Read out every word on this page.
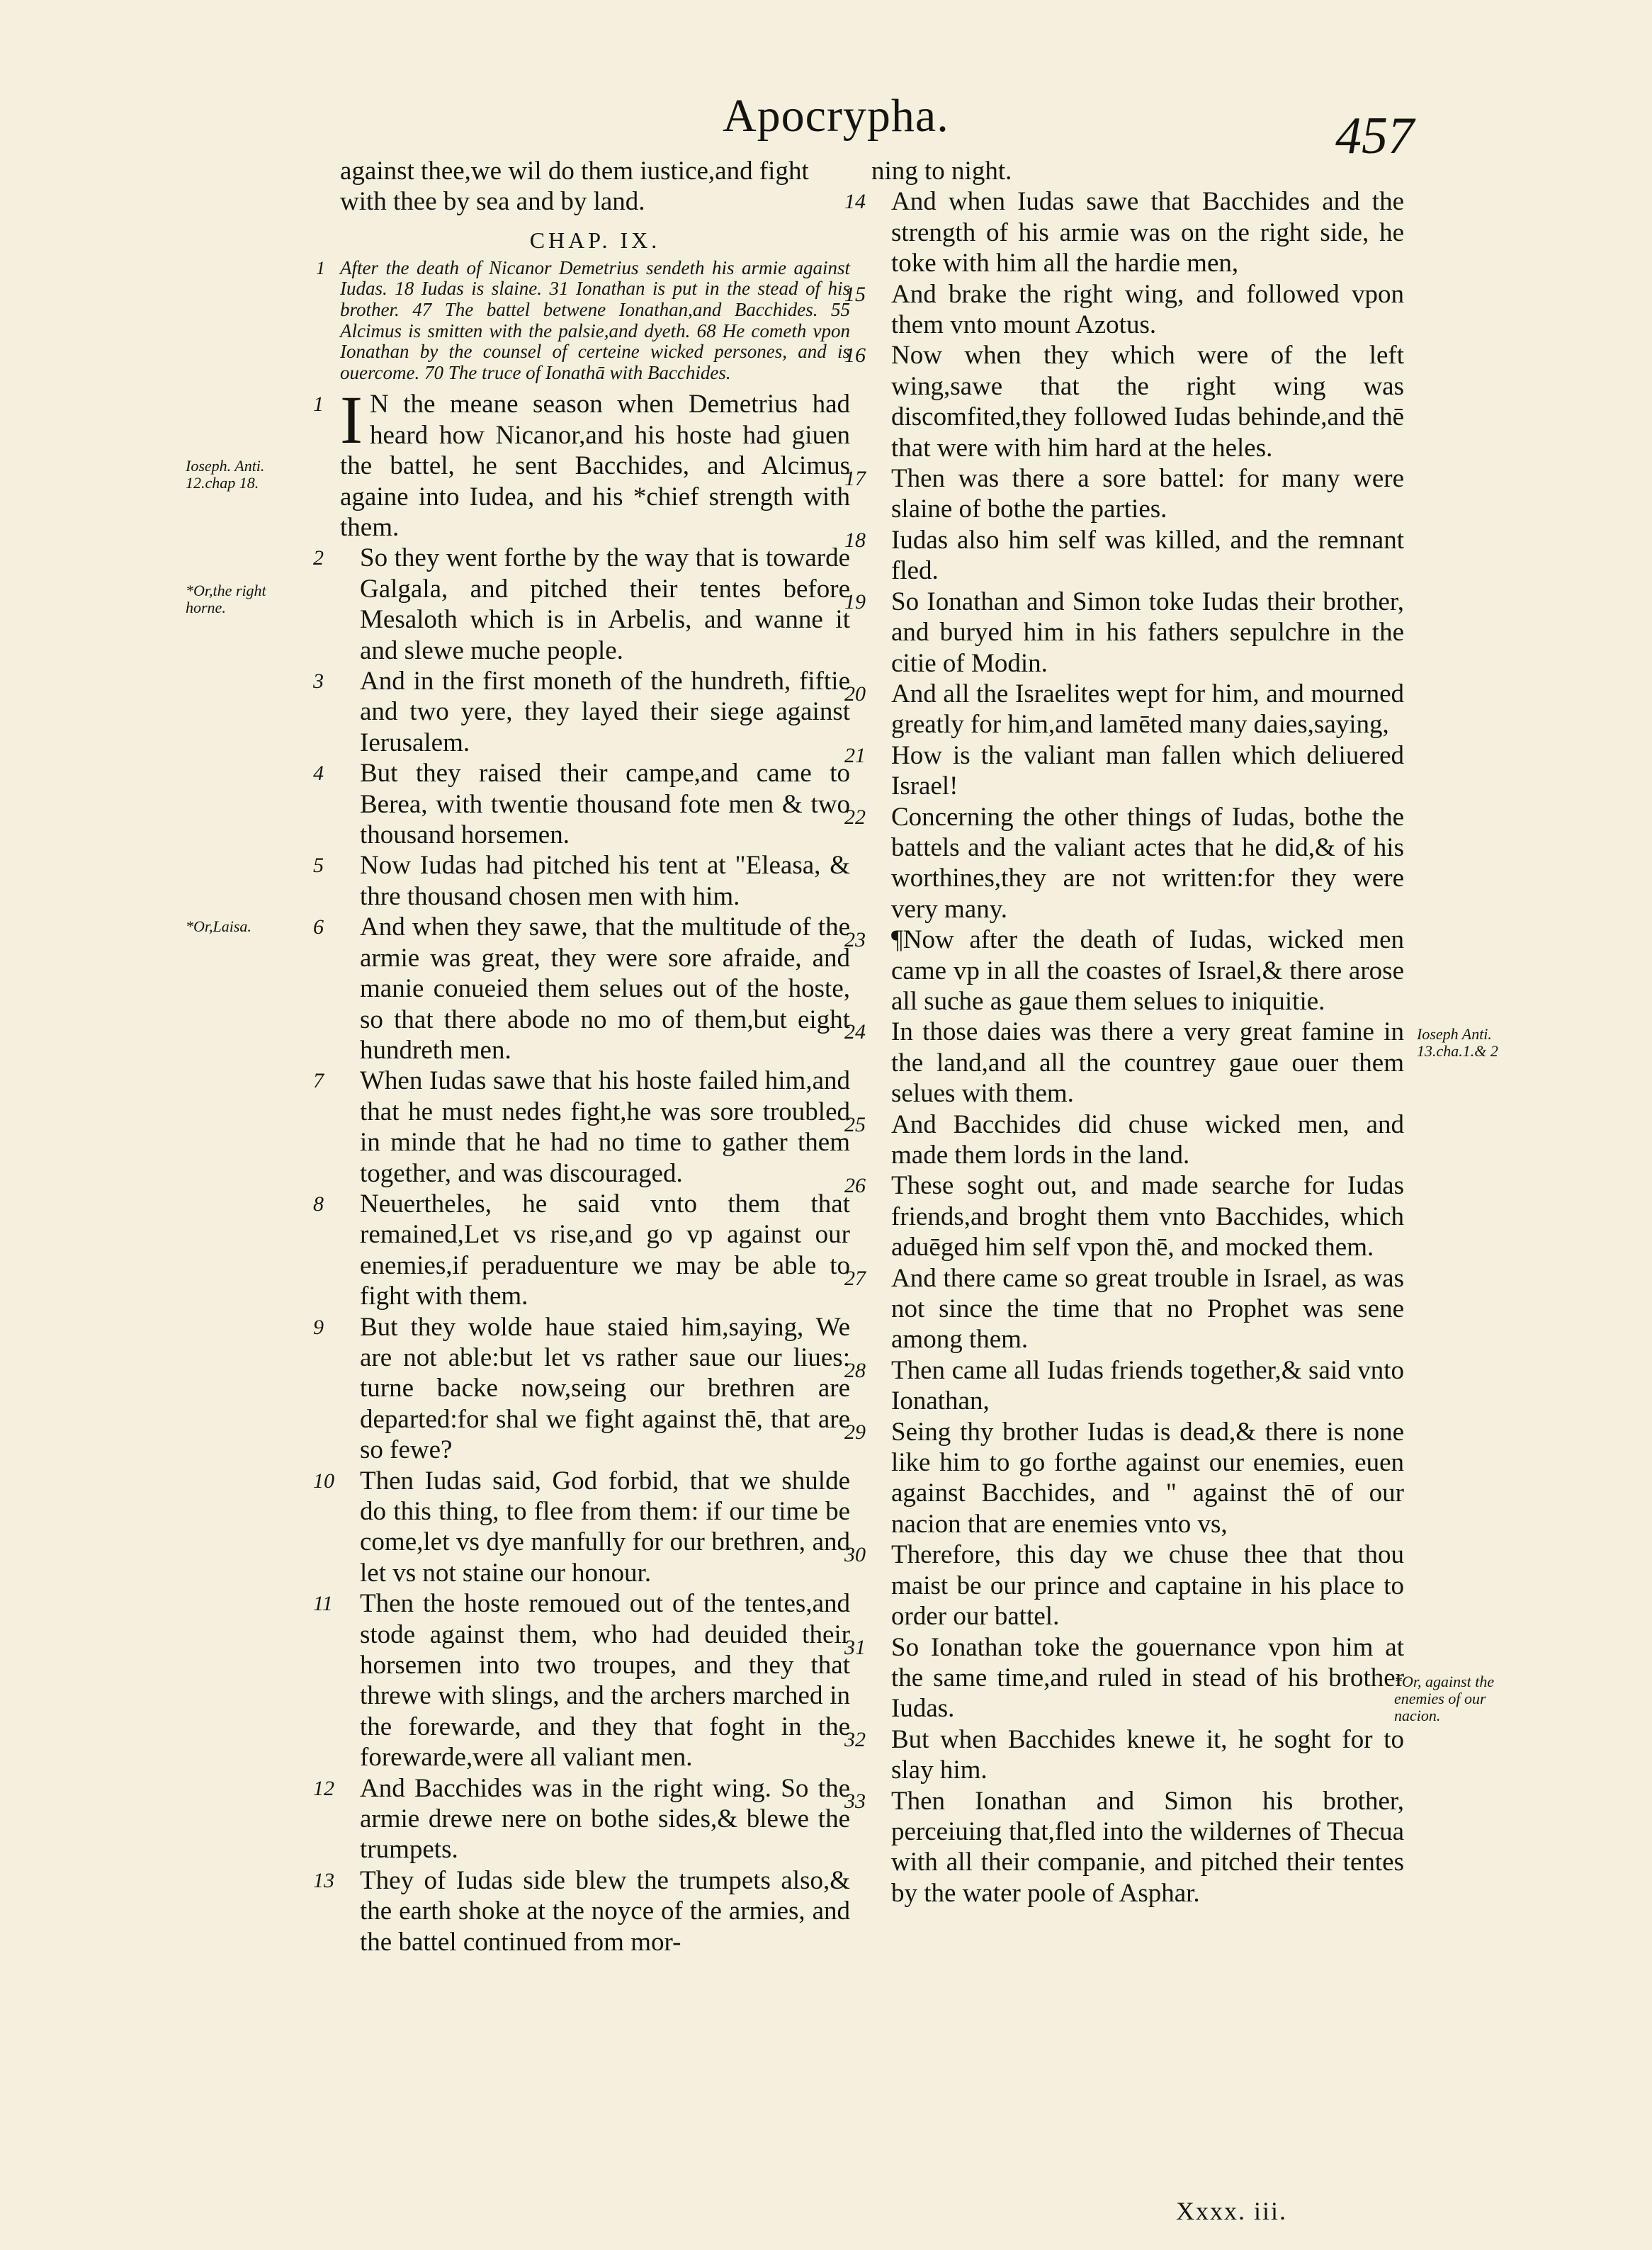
Apocrypha.	457
against thee,we wil do them iustice,and fight with thee by sea and by land.
CHAP. IX.
1 After the death of Nicanor Demetrius sendeth his armie against Iudas. 18 Iudas is slaine. 31 Ionathan is put in the stead of his brother. 47 The battel betwene Ionathan,and Bacchides. 55 Alcimus is smitten with the palsie,and dyeth. 68 He cometh vpon Ionathan by the counsel of certeine wicked persones, and is ouercome. 70 The truce of Ionathā with Bacchides.
1 I N the meane season when Demetrius had heard how Nicanor,and his hoste had giuen the battel, he sent Bacchides, and Alcimus againe into Iudea, and his *chief strength with them.
2	So they went forthe by the way that is towarde Galgala, and pitched their tentes before Mesaloth which is in Arbelis, and wanne it and slewe muche people.
3	And in the first moneth of the hundreth, fiftie and two yere, they layed their siege against Ierusalem.
4	But they raised their campe,and came to Berea, with twentie thousand fote men & two thousand horsemen.
5	Now Iudas had pitched his tent at "Eleasa, & thre thousand chosen men with him.
6	And when they sawe, that the multitude of the armie was great, they were sore afraide, and manie conueied them selues out of the hoste, so that there abode no mo of them,but eight hundreth men.
7	When Iudas sawe that his hoste failed him,and that he must nedes fight,he was sore troubled in minde that he had no time to gather them together, and was discouraged.
8	Neuertheles, he said vnto them that remained,Let vs rise,and go vp against our enemies,if peraduenture we may be able to fight with them.
9	But they wolde haue staied him,saying, We are not able:but let vs rather saue our liues: turne backe now,seing our brethren are departed:for shal we fight against thē, that are so fewe?
10 Then Iudas said, God forbid, that we shulde do this thing, to flee from them: if our time be come,let vs dye manfully for our brethren, and let vs not staine our honour.
11	Then the hoste remoued out of the tentes,and stode against them, who had deuided their horsemen into two troupes, and they that threwe with slings, and the archers marched in the forewarde, and they that foght in the forewarde,were all valiant men.
12 And Bacchides was in the right wing. So the armie drewe nere on bothe sides,& blewe the trumpets.
13 They of Iudas side blew the trumpets also,& the earth shoke at the noyce of the armies, and the battel continued from mor-
ning to night.
14 And when Iudas sawe that Bacchides and the strength of his armie was on the right side, he toke with him all the hardie men,
15 And brake the right wing, and followed vpon them vnto mount Azotus.
16 Now when they which were of the left wing,sawe that the right wing was discomfited,they followed Iudas behinde,and thē that were with him hard at the heles.
17 Then was there a sore battel: for many were slaine of bothe the parties.
18 Iudas also him self was killed, and the remnant fled.
19 So Ionathan and Simon toke Iudas their brother, and buryed him in his fathers sepulchre in the citie of Modin.
20 And all the Israelites wept for him, and mourned greatly for him,and lamēted many daies,saying,
21 How is the valiant man fallen which deliuered Israel!
22 Concerning the other things of Iudas, bothe the battels and the valiant actes that he did,& of his worthines,they are not written:for they were very many.
23 ¶Now after the death of Iudas, wicked men came vp in all the coastes of Israel,& there arose all suche as gaue them selues to iniquitie.
24 In those daies was there a very great famine in the land,and all the countrey gaue ouer them selues with them.
25 And Bacchides did chuse wicked men, and made them lords in the land.
26 These soght out, and made searche for Iudas friends,and broght them vnto Bacchides, which aduēged him self vpon thē, and mocked them.
27 And there came so great trouble in Israel, as was not since the time that no Prophet was sene among them.
28 Then came all Iudas friends together,& said vnto Ionathan,
29 Seing thy brother Iudas is dead,& there is none like him to go forthe against our enemies, euen against Bacchides, and " against thē of our nacion that are enemies vnto vs,
30 Therefore, this day we chuse thee that thou maist be our prince and captaine in his place to order our battel.
31 So Ionathan toke the gouernance vpon him at the same time,and ruled in stead of his brother Iudas.
32 But when Bacchides knewe it, he soght for to slay him.
33 Then Ionathan and Simon his brother, perceiuing that,fled into the wildernes of Thecua with all their companie, and pitched their tentes by the water poole of Asphar.
Ioseph. Anti. 12.chap 18.
*Or,the right horne.
*Or,Laisa.
Ioseph Anti. 13.cha.1.& 2
*Or, against the enemies of our nacion.
Xxxx. iii.
